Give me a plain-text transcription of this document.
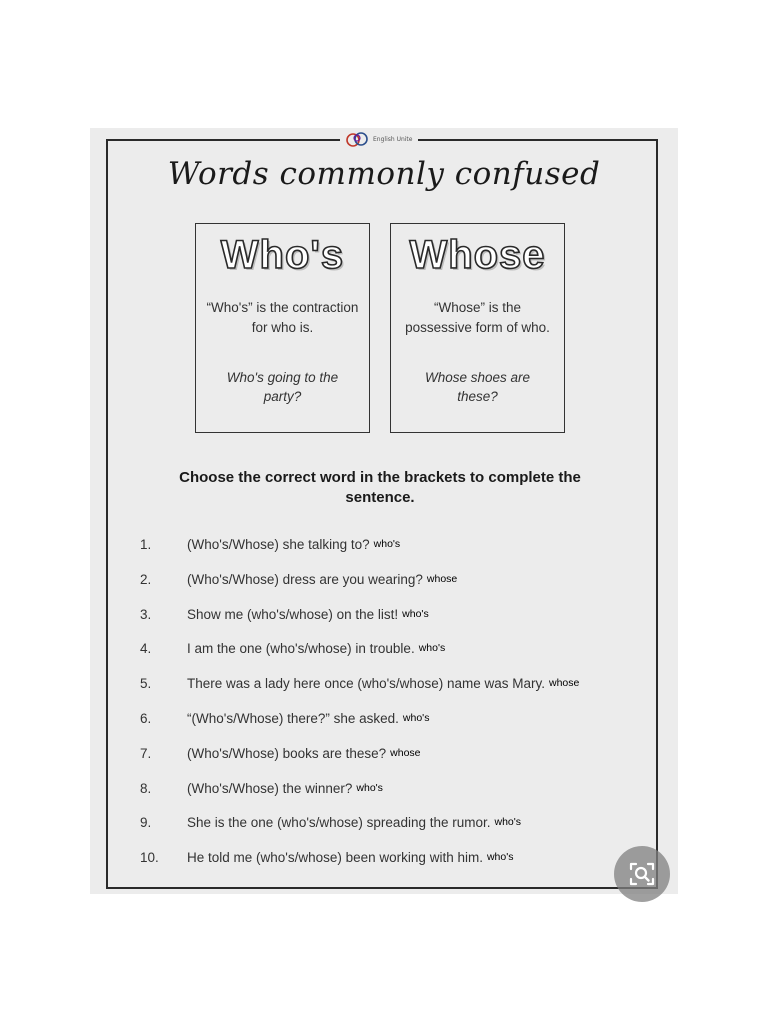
English Unite
Words commonly confused
Who's
“Who's” is the contraction for who is.
Who's going to the party?
Whose
“Whose” is the possessive form of who.
Whose shoes are these?
Choose the correct word in the brackets to complete the sentence.
1.	(Who's/Whose) she talking to? who's
2.	(Who's/Whose) dress are you wearing? whose
3.	Show me (who's/whose) on the list! who's
4.	I am the one (who's/whose) in trouble. who's
5.	There was a lady here once (who's/whose) name was Mary. whose
6.	“(Who's/Whose) there?” she asked. who's
7.	(Who's/Whose) books are these? whose
8.	(Who's/Whose) the winner? who's
9.	She is the one (who's/whose) spreading the rumor. who's
10. He told me (who's/whose) been working with him. who's
